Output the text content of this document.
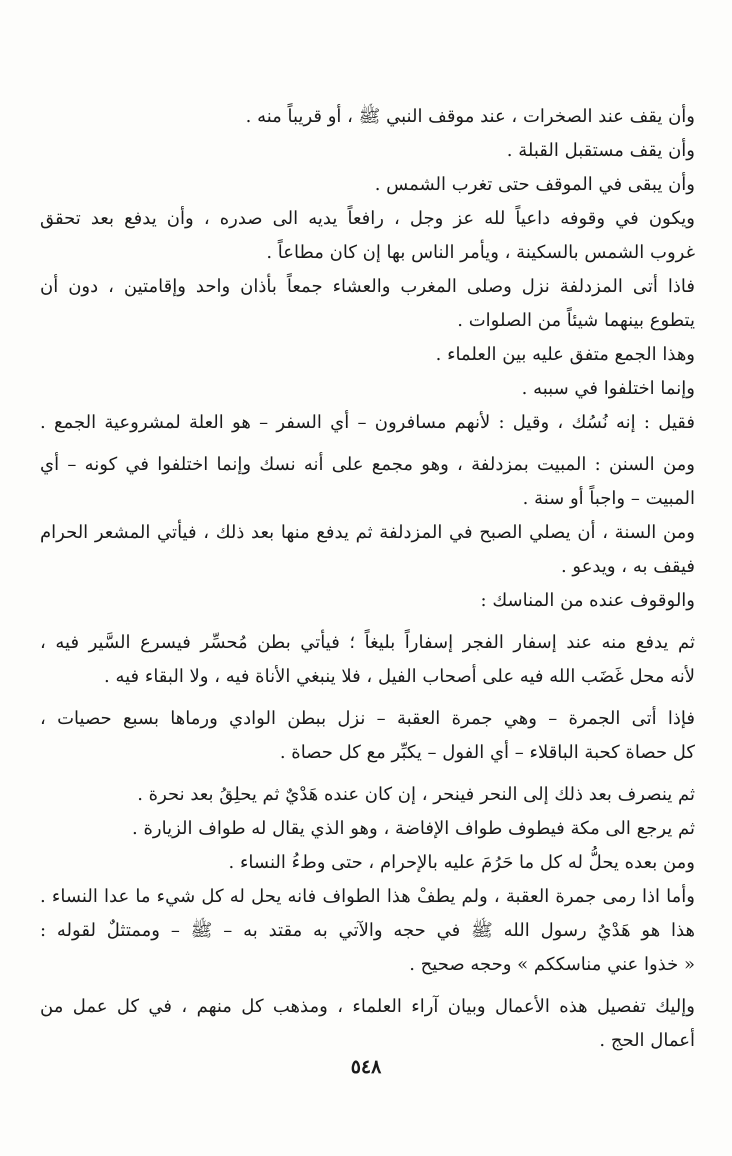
وأن يقف عند الصخرات ، عند موقف النبي ﷺ ، أو قريباً منه .
وأن يقف مستقبل القبلة .
وأن يبقى في الموقف حتى تغرب الشمس .
ويكون في وقوفه داعياً لله عز وجل ، رافعاً يديه الى صدره ، وأن يدفع بعد تحقق
غروب الشمس بالسكينة ، ويأمر الناس بها إن كان مطاعاً .
فاذا أتى المزدلفة نزل وصلى المغرب والعشاء جمعاً بأذان واحد وإقامتين ، دون أن
يتطوع بينهما شيئاً من الصلوات .
وهذا الجمع متفق عليه بين العلماء .
وإنما اختلفوا في سببه .
فقيل : إنه نُسُك ، وقيل : لأنهم مسافرون – أي السفر – هو العلة لمشروعية الجمع .
ومن السنن : المبيت بمزدلفة ، وهو مجمع على أنه نسك وإنما اختلفوا في كونه – أي
المبيت – واجباً أو سنة .
ومن السنة ، أن يصلي الصبح في المزدلفة ثم يدفع منها بعد ذلك ، فيأتي المشعر الحرام
فيقف به ، ويدعو .
والوقوف عنده من المناسك :
ثم يدفع منه عند إسفار الفجر إسفاراً بليغاً ؛ فيأتي بطن مُحسِّر فيسرع السَّير فيه ،
لأنه محل غَضَب الله فيه على أصحاب الفيل ، فلا ينبغي الأناة فيه ، ولا البقاء فيه .
فإذا أتى الجمرة – وهي جمرة العقبة – نزل ببطن الوادي ورماها بسبع حصيات ،
كل حصاة كحبة الباقلاء – أي الفول – يكبِّر مع كل حصاة .
ثم ينصرف بعد ذلك إلى النحر فينحر ، إن كان عنده هَدْيٌ ثم يحلِقُ بعد نحرة .
ثم يرجع الى مكة فيطوف طواف الإفاضة ، وهو الذي يقال له طواف الزيارة .
ومن بعده يحلُّ له كل ما حَرُمَ عليه بالإحرام ، حتى وطءُ النساء .
وأما اذا رمى جمرة العقبة ، ولم يطفْ هذا الطواف فانه يحل له كل شيء ما عدا النساء .
هذا هو هَدْيُ رسول الله ﷺ في حجه والآتي به مقتد به – ﷺ – وممتثلٌ لقوله :
« خذوا عني مناسككم » وحجه صحيح .
وإليك تفصيل هذه الأعمال وبيان آراء العلماء ، ومذهب كل منهم ، في كل عمل من
أعمال الحج .
٥٤٨
